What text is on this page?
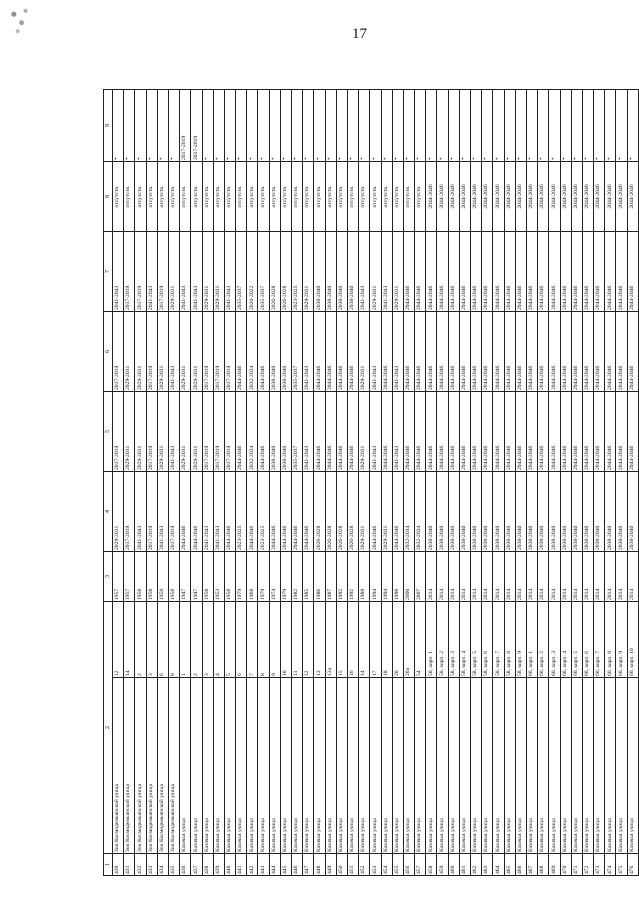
17
1	2		3	4	5	6	7	8	9
430	Зои Космодемьянской улица	12	1957	2029-2031	2017-2019	2017-2019	2041-2043	отсутств.	*
431	Зои Космодемьянской улица	14	1957	2017-2019	2029-2031	2029-2031	2017-2019	отсутств.	*
432	Зои Космодемьянской улица	2	1958	2041-2043	2029-2031	2029-2031	2017-2019	отсутств.	*
433	Зои Космодемьянской улица	3	1958	2017-2019	2017-2019	2017-2019	2041-2043	отсутств.	*
434	Зои Космодемьянской улица	6	1958	2041-2043	2029-2031	2029-2031	2017-2019	отсутств.	*
435	Зои Космодемьянской улица	8	1958	2017-2019	2041-2043	2041-2043	2029-2031	отсутств.	*
436	Казачья улица	1	1947	2044-2046	2029-2031	2029-2031	2041-2043	отсутств.	2017-2019
437	Казачья улица	2	1947	2044-2046	2029-2031	2029-2031	2041-2043	отсутств.	2017-2019
438	Казачья улица	3	1958	2041-2043	2017-2019	2017-2019	2029-2031	отсутств.	*
439	Казачья улица	4	1953	2041-2043	2017-2019	2017-2019	2029-2031	отсутств.	*
440	Казачья улица	5	1958	2044-2046	2017-2019	2017-2019	2041-2043	отсутств.	*
441	Казачья улица	6	1979	2023-2025	2044-2046	2044-2046	2035-2037	отсутств.	*
442	Казачья улица	7	1968	2044-2046	2032-2034	2032-2034	2020-2022	отсутств.	*
443	Казачья улица	8	1979	2023-2025	2044-2046	2044-2046	2035-2037	отсутств.	*
444	Казачья улица	9	1974	2044-2046	2038-2040	2038-2040	2026-2028	отсутств.	*
445	Казачья улица	10	1979	2044-2046	2038-2040	2038-2040	2026-2028	отсутств.	*
446	Казачья улица	11	1982	2044-2046	2035-2037	2035-2037	2023-2025	отсутств.	*
447	Казачья улица	12	1985	2044-2046	2041-2043	2041-2043	2029-2031	отсутств.	*
448	Казачья улица	13	1986	2026-2028	2044-2046	2044-2046	2038-2040	отсутств.	*
449	Казачья улица	13а	1987	2026-2028	2044-2046	2044-2046	2038-2040	отсутств.	*
450	Казачья улица	15	1992	2026-2028	2044-2046	2044-2046	2038-2040	отсутств.	*
451	Казачья улица	16	1992	2026-2028	2044-2046	2044-2046	2038-2040	отсутств.	*
452	Казачья улица	14	1988	2029-2031	2029-2031	2029-2031	2041-2043	отсутств.	*
453	Казачья улица	17	1994	2044-2046	2041-2043	2041-2043	2029-2031	отсутств.	*
454	Казачья улица	18	1994	2029-2031	2044-2046	2044-2046	2041-2043	отсутств.	*
455	Казачья улица	20	1998	2044-2046	2041-2043	2041-2043	2029-2031	отсутств.	*
456	Казачья улица	20а	2000	2032-2034	2044-2046	2044-2046	2044-2046	отсутств.	*
457	Казачья улица	54	2007	2032-2034	2044-2046	2044-2046	2044-2046	отсутств.	*
458	Казачья улица	58, корп. 1	2014	2038-2040	2044-2046	2044-2046	2044-2046	2044-2046	*
459	Казачья улица	58, корп. 2	2014	2038-2040	2044-2046	2044-2046	2044-2046	2044-2046	*
460	Казачья улица	58, корп. 3	2014	2038-2040	2044-2046	2044-2046	2044-2046	2044-2046	*
461	Казачья улица	58, корп. 4	2014	2038-2040	2044-2046	2044-2046	2044-2046	2044-2046	*
462	Казачья улица	58, корп. 5	2014	2038-2040	2044-2046	2044-2046	2044-2046	2044-2046	*
463	Казачья улица	58, корп. 6	2014	2038-2040	2044-2046	2044-2046	2044-2046	2044-2046	*
464	Казачья улица	58, корп. 7	2014	2038-2040	2044-2046	2044-2046	2044-2046	2044-2046	*
465	Казачья улица	58, корп. 8	2014	2038-2040	2044-2046	2044-2046	2044-2046	2044-2046	*
466	Казачья улица	58, корп. 9	2014	2038-2040	2044-2046	2044-2046	2044-2046	2044-2046	*
467	Казачья улица	60, корп. 1	2014	2038-2040	2044-2046	2044-2046	2044-2046	2044-2046	*
468	Казачья улица	60, корп. 2	2014	2038-2040	2044-2046	2044-2046	2044-2046	2044-2046	*
469	Казачья улица	60, корп. 3	2014	2038-2040	2044-2046	2044-2046	2044-2046	2044-2046	*
470	Казачья улица	60, корп. 4	2014	2038-2040	2044-2046	2044-2046	2044-2046	2044-2046	*
471	Казачья улица	60, корп. 5	2014	2038-2040	2044-2046	2044-2046	2044-2046	2044-2046	*
472	Казачья улица	60, корп. 6	2014	2038-2040	2044-2046	2044-2046	2044-2046	2044-2046	*
473	Казачья улица	60, корп. 7	2014	2038-2040	2044-2046	2044-2046	2044-2046	2044-2046	*
474	Казачья улица	60, корп. 8	2014	2038-2040	2044-2046	2044-2046	2044-2046	2044-2046	*
475	Казачья улица	60, корп. 9	2014	2038-2040	2044-2046	2044-2046	2044-2046	2044-2046	*
476	Казачья улица	60, корп. 10	2014	2038-2040	2044-2046	2044-2046	2044-2046	2044-2046	*
